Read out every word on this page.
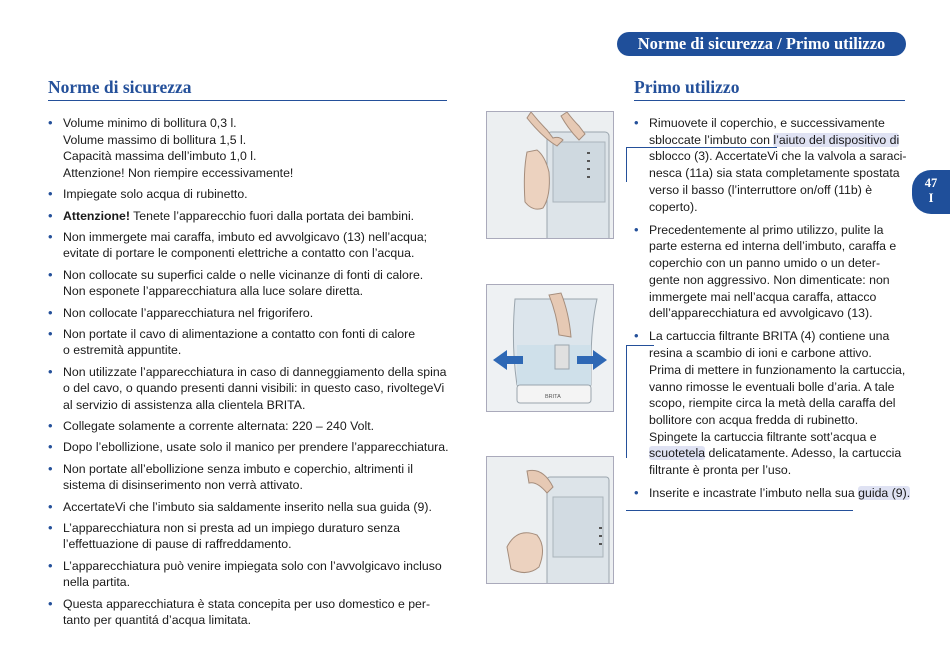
Norme di sicurezza / Primo utilizzo
Norme di sicurezza
• Volume minimo di bollitura 0,3 l.
Volume massimo di bollitura 1,5 l.
Capacità massima dell’imbuto 1,0 l.
Attenzione! Non riempire eccessivamente!
• Impiegate solo acqua di rubinetto.
• Attenzione! Tenete l’apparecchio fuori dalla portata dei bambini.
• Non immergete mai caraffa, imbuto ed avvolgicavo (13) nell’acqua;
evitate di portare le componenti elettriche a contatto con l’acqua.
• Non collocate su superfici calde o nelle vicinanze di fonti di calore.
Non esponete l’apparecchiatura alla luce solare diretta.
• Non collocate l’apparecchiatura nel frigorifero.
• Non portate il cavo di alimentazione a contatto con fonti di calore
o estremità appuntite.
• Non utilizzate l’apparecchiatura in caso di danneggiamento della spina
o del cavo, o quando presenti danni visibili: in questo caso, rivoltegeVi
al servizio di assistenza alla clientela BRITA.
• Collegate solamente a corrente alternata: 220 – 240 Volt.
• Dopo l’ebollizione, usate solo il manico per prendere l’apparecchiatura.
• Non portate all’ebollizione senza imbuto e coperchio, altrimenti il
sistema di disinserimento non verrà attivato.
• AccertateVi che l’imbuto sia saldamente inserito nella sua guida (9).
• L’apparecchiatura non si presta ad un impiego duraturo senza
l’effettuazione di pause di raffreddamento.
• L’apparecchiatura può venire impiegata solo con l’avvolgicavo incluso
nella partita.
• Questa apparecchiatura è stata concepita per uso domestico e per-
tanto per quantitá d’acqua limitata.
BRITA
Primo utilizzo
• Rimuovete il coperchio, e successivamente
sbloccate l’imbuto con l’aiuto del dispositivo di
sblocco (3). AccertateVi che la valvola a saraci-
nesca (11a) sia stata completamente spostata
verso il basso (l’interruttore on/off (11b) è
coperto).
• Precedentemente al primo utilizzo, pulite la
parte esterna ed interna dell’imbuto, caraffa e
coperchio con un panno umido o un deter-
gente non aggressivo. Non dimenticate: non
immergete mai nell’acqua caraffa, attacco
dell’apparecchiatura ed avvolgicavo (13).
• La cartuccia filtrante BRITA (4) contiene una
resina a scambio di ioni e carbone attivo.
Prima di mettere in funzionamento la cartuccia,
vanno rimosse le eventuali bolle d’aria. A tale
scopo, riempite circa la metà della caraffa del
bollitore con acqua fredda di rubinetto.
Spingete la cartuccia filtrante sott’acqua e
scuotetela delicatamente. Adesso, la cartuccia
filtrante è pronta per l’uso.
• Inserite e incastrate l’imbuto nella sua guida (9).
47
I
